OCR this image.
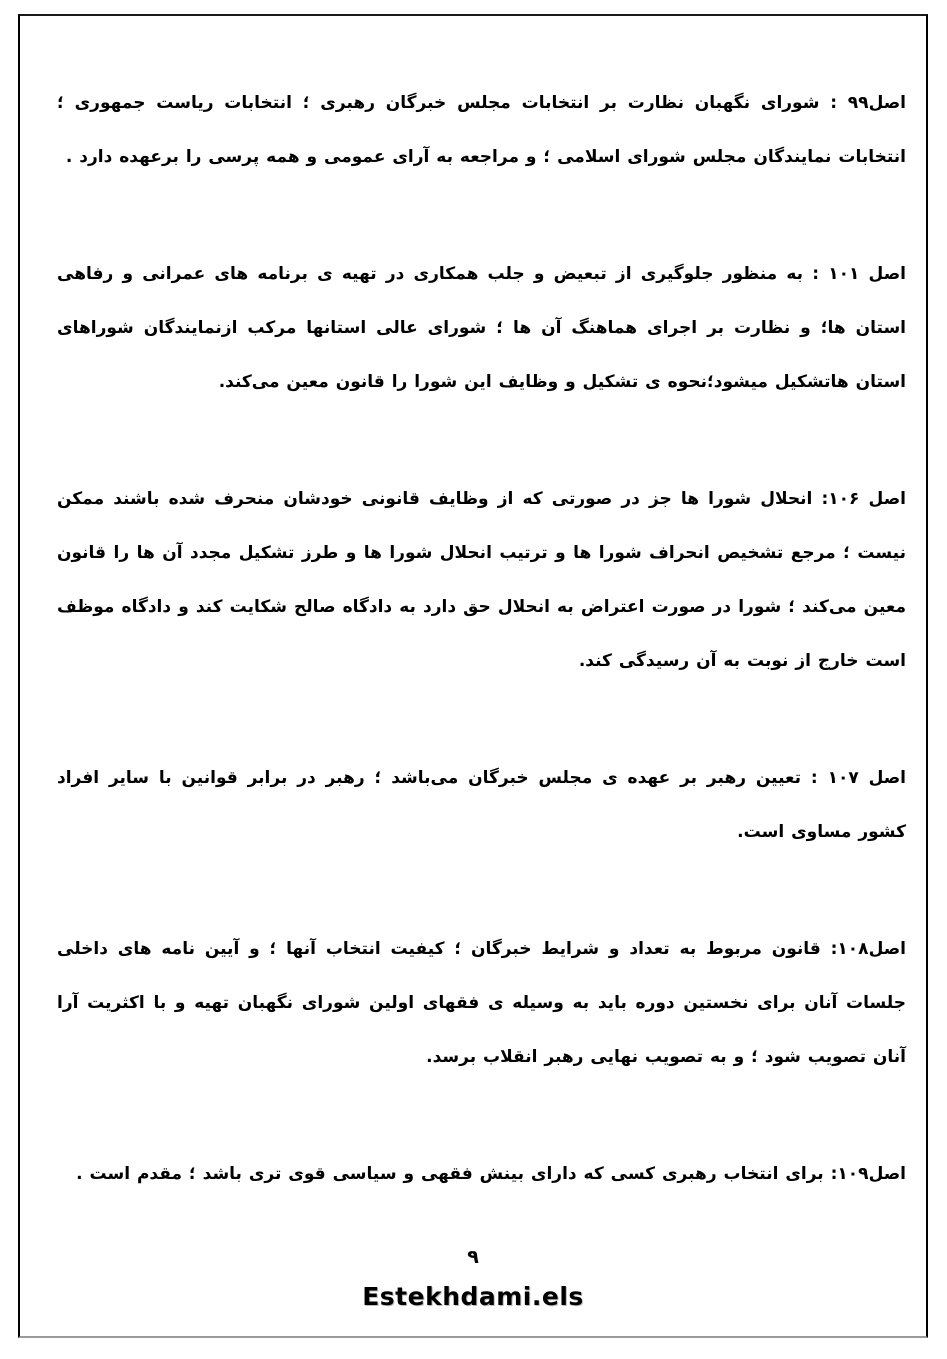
اصل۹۹ : شورای نگهبان نظارت بر انتخابات مجلس خبرگان رهبری ؛ انتخابات ریاست جمهوری ؛ انتخابات نمایندگان مجلس شورای اسلامی ؛ و مراجعه به آرای عمومی و همه پرسی را برعهده دارد .

اصل ۱۰۱ : به منظور جلوگیری از تبعیض و جلب همکاری در تهیه ی برنامه های عمرانی و رفاهی استان ها؛ و نظارت بر اجرای هماهنگ آن ها ؛ شورای عالی استانها مرکب ازنمایندگان شوراهای استان هاتشکیل میشود؛نحوه ی تشکیل و وظایف این شورا را قانون معین می‌کند.

اصل ۱۰۶: انحلال شورا ها جز در صورتی که از وظایف قانونی خودشان منحرف شده باشند ممکن نیست ؛ مرجع تشخیص انحراف شورا ها و ترتیب انحلال شورا ها و طرز تشکیل مجدد آن ها را قانون معین می‌کند ؛ شورا در صورت اعتراض به انحلال حق دارد به دادگاه صالح شکایت کند و دادگاه موظف است خارج از نوبت به آن رسیدگی کند.

اصل ۱۰۷ : تعیین رهبر بر عهده ی مجلس خبرگان می‌باشد ؛ رهبر در برابر قوانین با سایر افراد کشور مساوی است.

اصل۱۰۸: قانون مربوط به تعداد و شرایط خبرگان ؛ کیفیت انتخاب آنها ؛ و آیین نامه های داخلی جلسات آنان برای نخستین دوره باید به وسیله ی فقهای اولین شورای نگهبان تهیه و با اکثریت آرا آنان تصویب شود ؛ و به تصویب نهایی رهبر انقلاب برسد.

اصل۱۰۹: برای انتخاب رهبری کسی که دارای بینش فقهی و سیاسی قوی تری باشد ؛ مقدم است .

۹
Estekhdami.els
